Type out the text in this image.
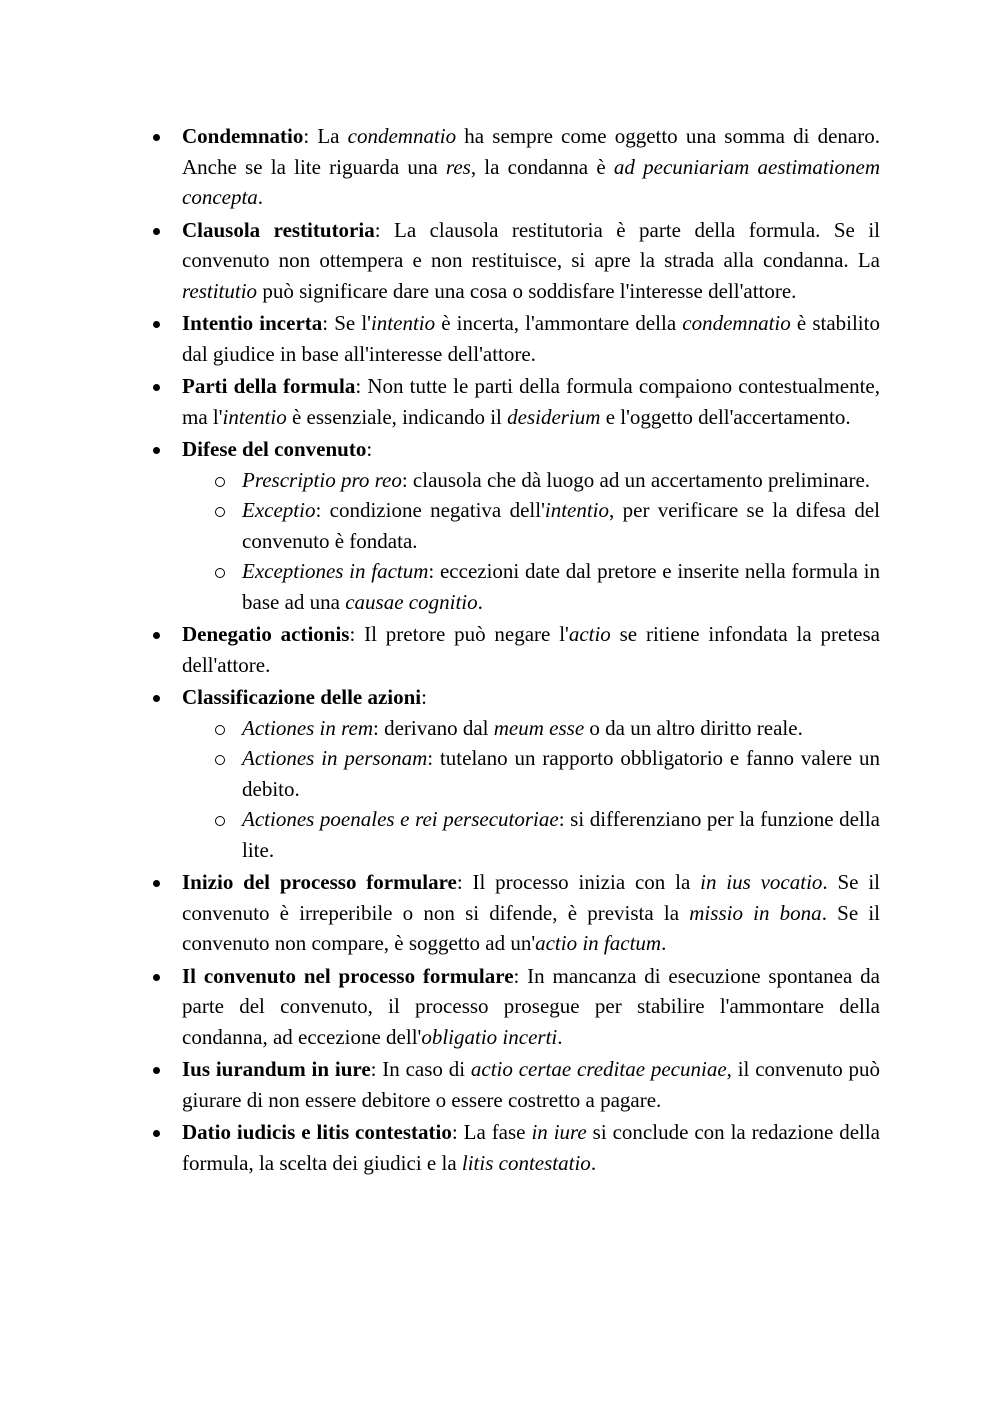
Condemnatio: La condemnatio ha sempre come oggetto una somma di denaro. Anche se la lite riguarda una res, la condanna è ad pecuniariam aestimationem concepta.
Clausola restitutoria: La clausola restitutoria è parte della formula. Se il convenuto non ottempera e non restituisce, si apre la strada alla condanna. La restitutio può significare dare una cosa o soddisfare l'interesse dell'attore.
Intentio incerta: Se l'intentio è incerta, l'ammontare della condemnatio è stabilito dal giudice in base all'interesse dell'attore.
Parti della formula: Non tutte le parti della formula compaiono contestualmente, ma l'intentio è essenziale, indicando il desiderium e l'oggetto dell'accertamento.
Difese del convenuto:
Prescriptio pro reo: clausola che dà luogo ad un accertamento preliminare.
Exceptio: condizione negativa dell'intentio, per verificare se la difesa del convenuto è fondata.
Exceptiones in factum: eccezioni date dal pretore e inserite nella formula in base ad una causae cognitio.
Denegatio actionis: Il pretore può negare l'actio se ritiene infondata la pretesa dell'attore.
Classificazione delle azioni:
Actiones in rem: derivano dal meum esse o da un altro diritto reale.
Actiones in personam: tutelano un rapporto obbligatorio e fanno valere un debito.
Actiones poenales e rei persecutoriae: si differenziano per la funzione della lite.
Inizio del processo formulare: Il processo inizia con la in ius vocatio. Se il convenuto è irreperibile o non si difende, è prevista la missio in bona. Se il convenuto non compare, è soggetto ad un'actio in factum.
Il convenuto nel processo formulare: In mancanza di esecuzione spontanea da parte del convenuto, il processo prosegue per stabilire l'ammontare della condanna, ad eccezione dell'obligatio incerti.
Ius iurandum in iure: In caso di actio certae creditae pecuniae, il convenuto può giurare di non essere debitore o essere costretto a pagare.
Datio iudicis e litis contestatio: La fase in iure si conclude con la redazione della formula, la scelta dei giudici e la litis contestatio.
